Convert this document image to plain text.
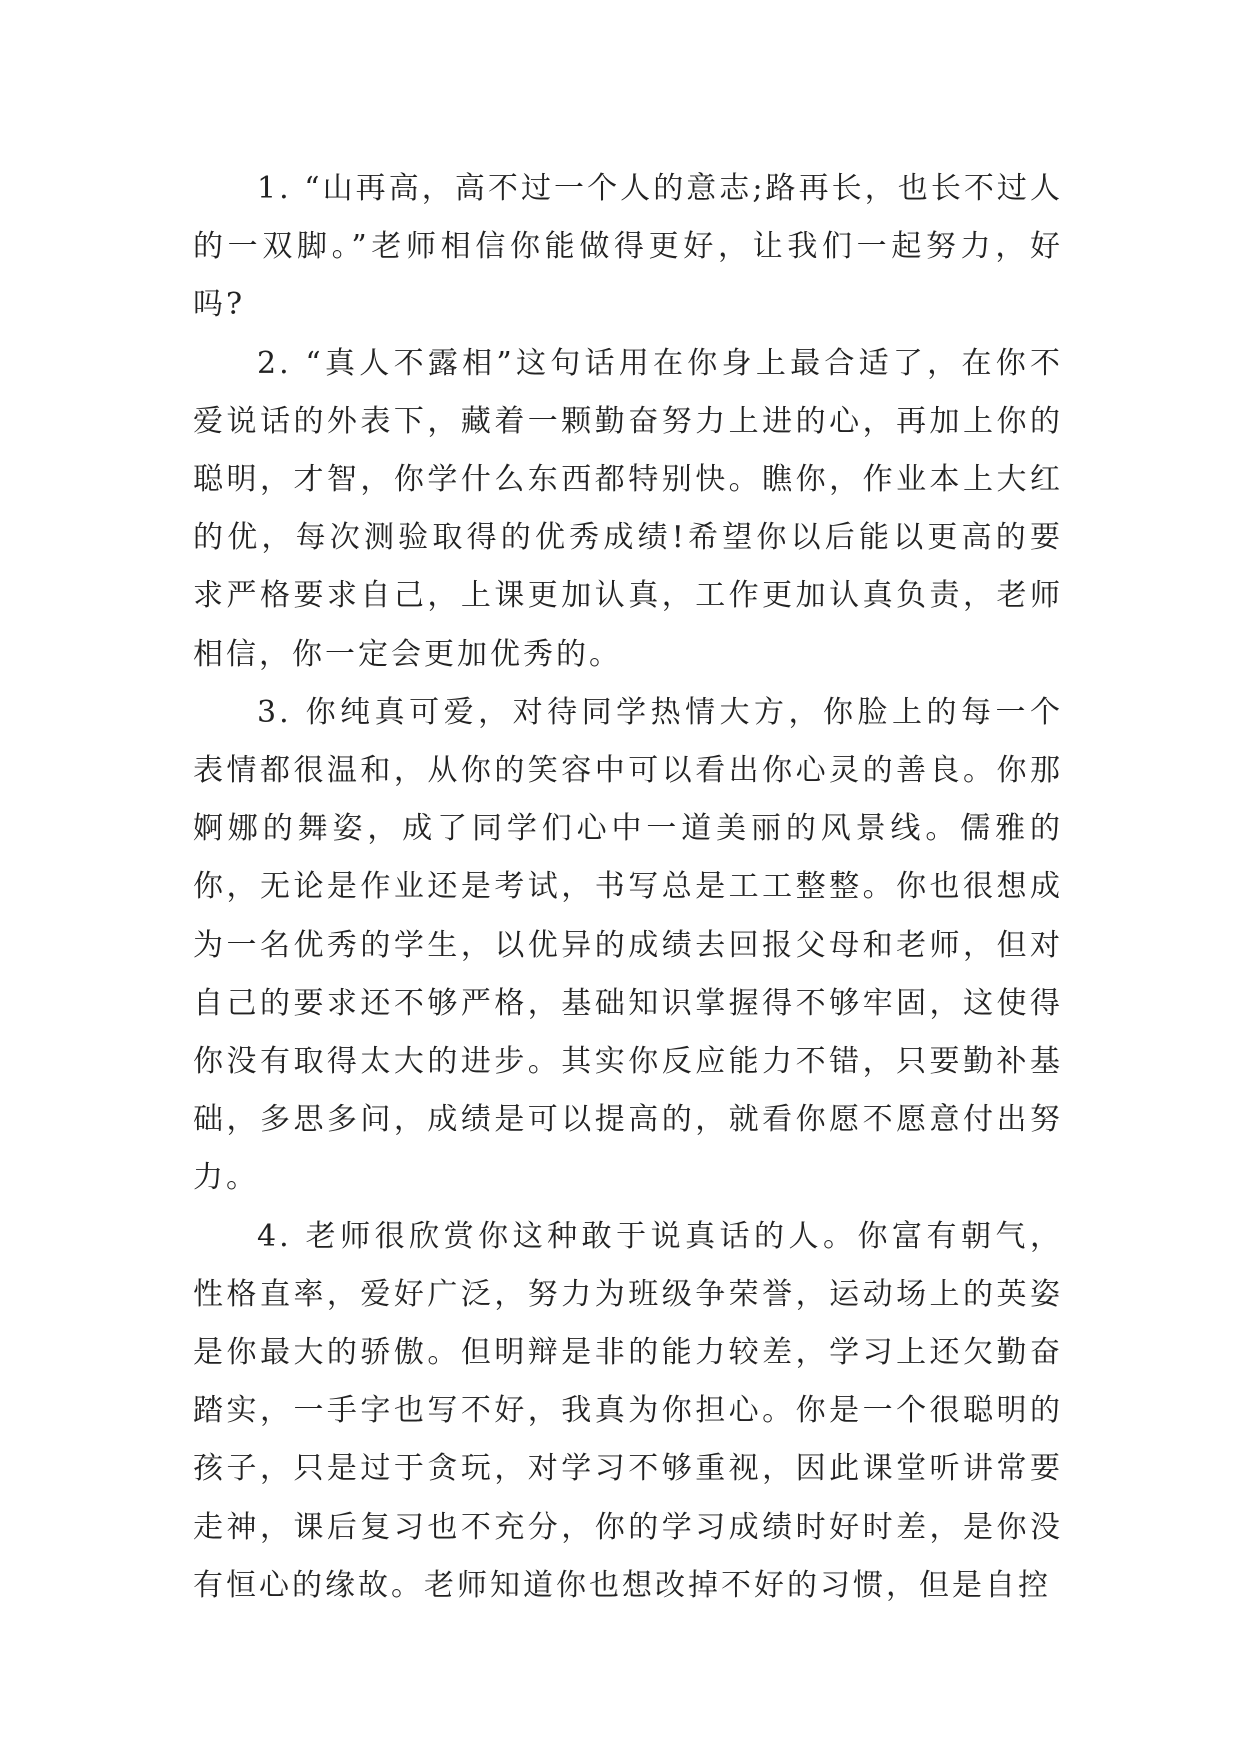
1. “山再高，高不过一个人的意志;路再长，也长不过人的一双脚。”老师相信你能做得更好，让我们一起努力，好吗?

2. “真人不露相”这句话用在你身上最合适了，在你不爱说话的外表下，藏着一颗勤奋努力上进的心，再加上你的聪明，才智，你学什么东西都特别快。瞧你，作业本上大红的优，每次测验取得的优秀成绩!希望你以后能以更高的要求严格要求自己，上课更加认真，工作更加认真负责，老师相信，你一定会更加优秀的。

3. 你纯真可爱，对待同学热情大方，你脸上的每一个表情都很温和，从你的笑容中可以看出你心灵的善良。你那婀娜的舞姿，成了同学们心中一道美丽的风景线。儒雅的你，无论是作业还是考试，书写总是工工整整。你也很想成为一名优秀的学生，以优异的成绩去回报父母和老师，但对自己的要求还不够严格，基础知识掌握得不够牢固，这使得你没有取得太大的进步。其实你反应能力不错，只要勤补基础，多思多问，成绩是可以提高的，就看你愿不愿意付出努力。

4. 老师很欣赏你这种敢于说真话的人。你富有朝气，性格直率，爱好广泛，努力为班级争荣誉，运动场上的英姿是你最大的骄傲。但明辩是非的能力较差，学习上还欠勤奋踏实，一手字也写不好，我真为你担心。你是一个很聪明的孩子，只是过于贪玩，对学习不够重视，因此课堂听讲常要走神，课后复习也不充分，你的学习成绩时好时差，是你没有恒心的缘故。老师知道你也想改掉不好的习惯，但是自控
